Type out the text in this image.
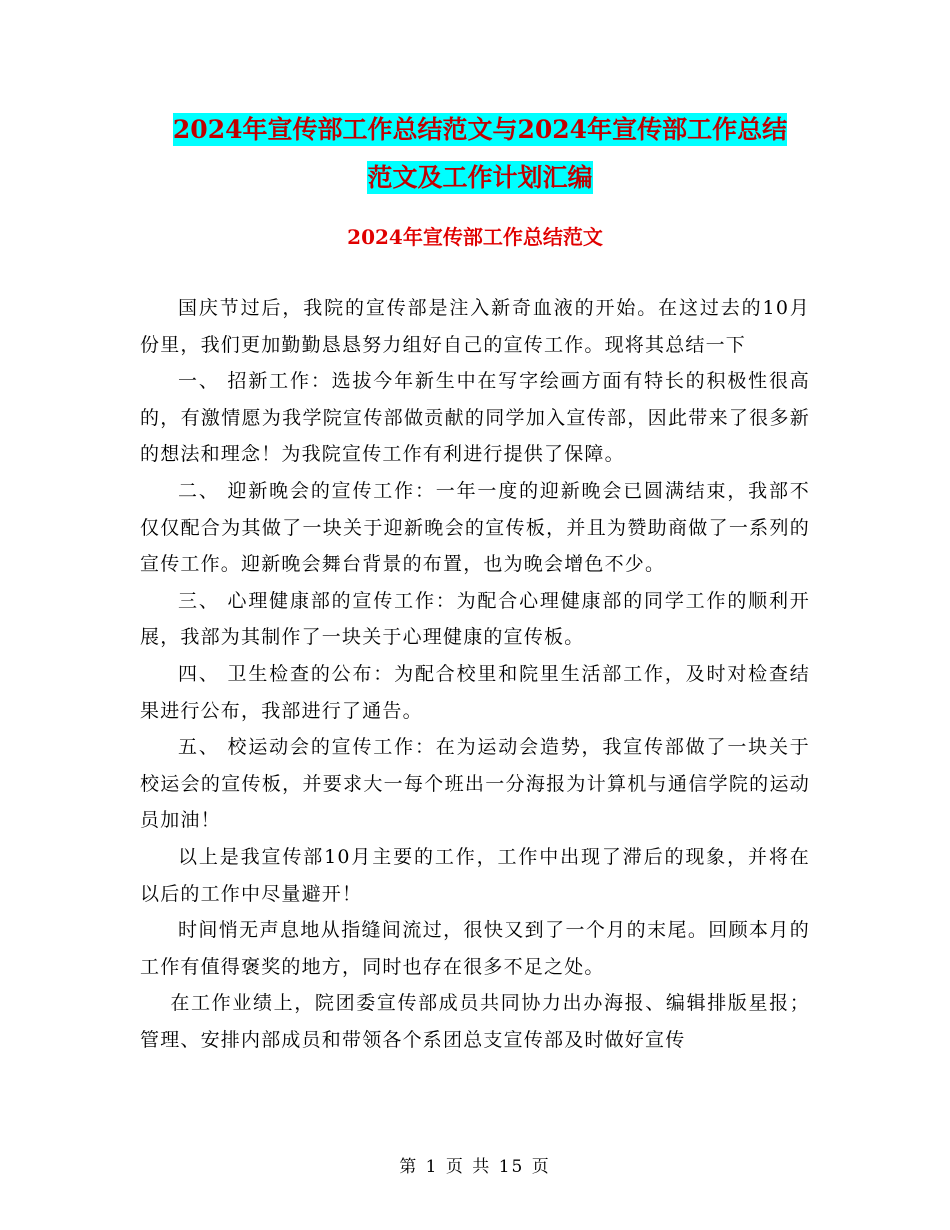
2024年宣传部工作总结范文与2024年宣传部工作总结
范文及工作计划汇编
2024年宣传部工作总结范文

国庆节过后，我院的宣传部是注入新奇血液的开始。在这过去的10月份里，我们更加勤勤恳恳努力组好自己的宣传工作。现将其总结一下

一、 招新工作：选拔今年新生中在写字绘画方面有特长的积极性很高的，有激情愿为我学院宣传部做贡献的同学加入宣传部，因此带来了很多新的想法和理念！为我院宣传工作有利进行提供了保障。

二、 迎新晚会的宣传工作：一年一度的迎新晚会已圆满结束，我部不仅仅配合为其做了一块关于迎新晚会的宣传板，并且为赞助商做了一系列的宣传工作。迎新晚会舞台背景的布置，也为晚会增色不少。

三、 心理健康部的宣传工作：为配合心理健康部的同学工作的顺利开展，我部为其制作了一块关于心理健康的宣传板。

四、 卫生检查的公布：为配合校里和院里生活部工作，及时对检查结果进行公布，我部进行了通告。

五、 校运动会的宣传工作：在为运动会造势，我宣传部做了一块关于校运会的宣传板，并要求大一每个班出一分海报为计算机与通信学院的运动员加油！

以上是我宣传部10月主要的工作，工作中出现了滞后的现象，并将在以后的工作中尽量避开！

时间悄无声息地从指缝间流过，很快又到了一个月的末尾。回顾本月的工作有值得褒奖的地方，同时也存在很多不足之处。

在工作业绩上，院团委宣传部成员共同协力出办海报、编辑排版星报；管理、安排内部成员和带领各个系团总支宣传部及时做好宣传

第 1 页 共 15 页
